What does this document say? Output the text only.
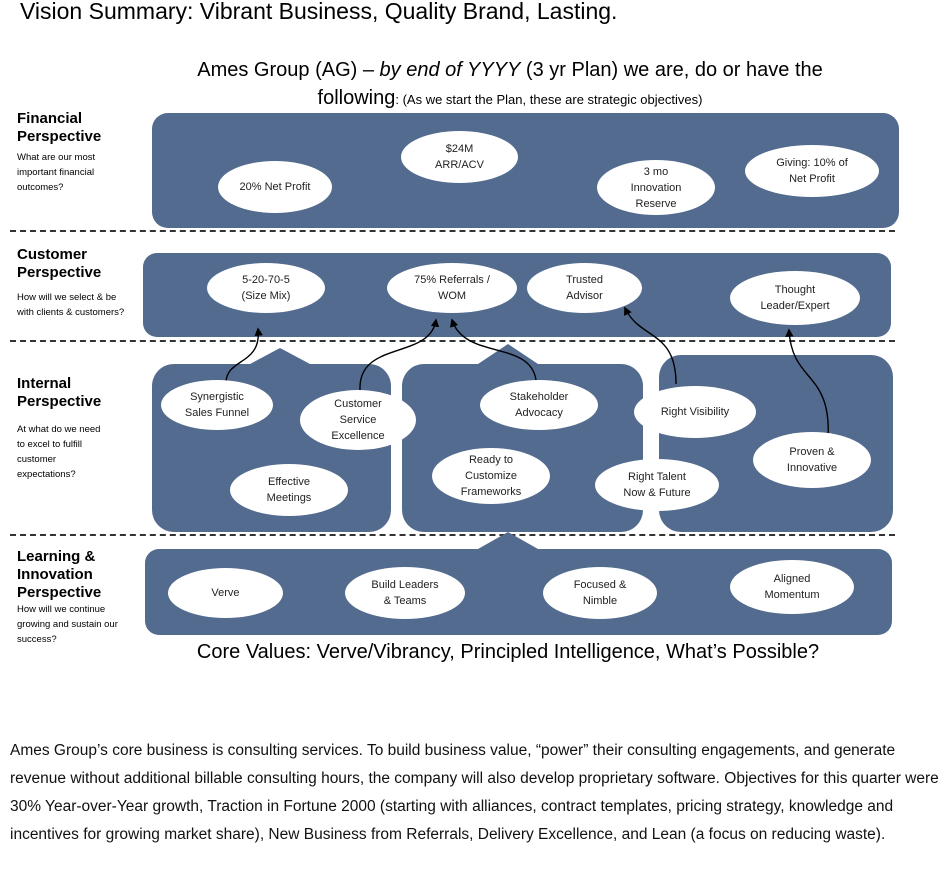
Vision Summary: Vibrant Business, Quality Brand, Lasting.
Ames Group (AG) – by end of YYYY (3 yr Plan) we are, do or have the
following: (As we start the Plan, these are strategic objectives)
Financial
Perspective
What are our most
important financial
outcomes?
Customer
Perspective
How will we select & be
with clients & customers?
Internal
Perspective
At what do we need
to excel to fulfill
customer
expectations?
Learning &
Innovation
Perspective
How will we continue
growing and sustain our
success?
20% Net Profit
$24M
ARR/ACV
3 mo
Innovation
Reserve
Giving: 10% of
Net Profit
5-20-70-5
(Size Mix)
75% Referrals /
WOM
Trusted
Advisor	Thought
Leader/Expert
Synergistic
Sales Funnel
Customer
Service
Excellence
Effective
Meetings
Stakeholder
Advocacy
Ready to
Customize
Frameworks
Right Visibility
Right Talent
Now & Future
Proven &
Innovative
Verve
Build Leaders
& Teams
Focused &
Nimble
Aligned
Momentum
Core Values: Verve/Vibrancy, Principled Intelligence, What’s Possible?
Ames Group’s core business is consulting services. To build business value, “power” their consulting engagements, and generate revenue without additional billable consulting hours, the company will also develop proprietary software. Objectives for this quarter were 30% Year-over-Year growth, Traction in Fortune 2000 (starting with alliances, contract templates, pricing strategy, knowledge and incentives for growing market share), New Business from Referrals, Delivery Excellence, and Lean (a focus on reducing waste).
